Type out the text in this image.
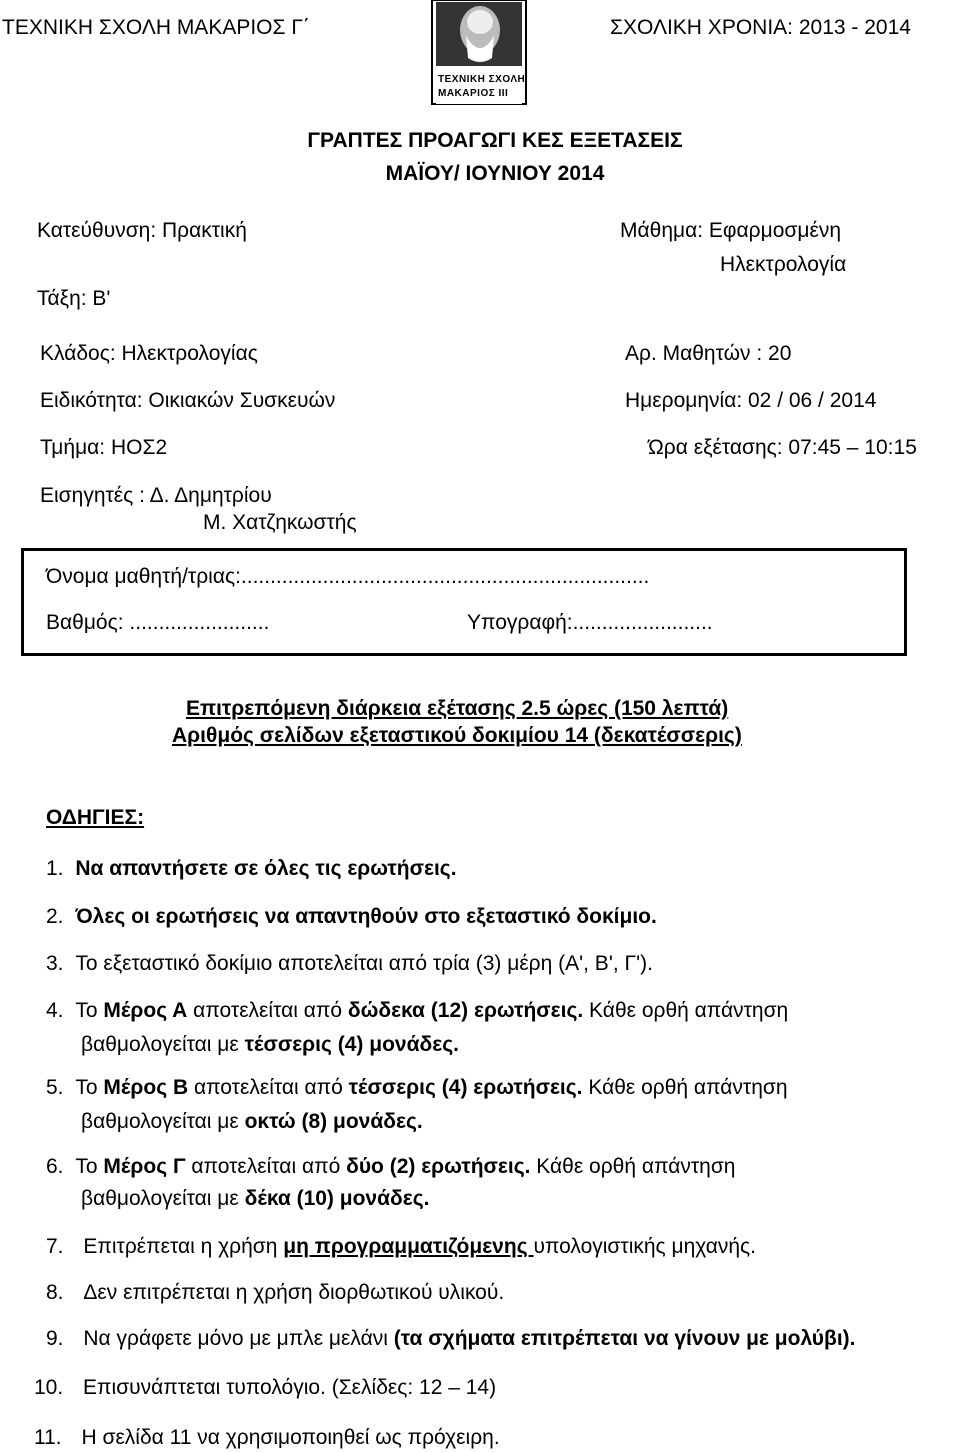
ΤΕΧΝΙΚΗ ΣΧΟΛΗ ΜΑΚΑΡΙΟΣ Γ΄	ΣΧΟΛΙΚΗ ΧΡΟΝΙΑ: 2013 - 2014
ΤΕΧΝΙΚΗ ΣΧΟΛΗ
ΜΑΚΑΡΙΟΣ ΙΙΙ
ΓΡΑΠΤΕΣ ΠΡΟΑΓΩΓΙ ΚΕΣ ΕΞΕΤΑΣΕΙΣ
ΜΑΪΟΥ/ ΙΟΥΝΙΟΥ 2014
Κατεύθυνση: Πρακτική	Μάθημα: Εφαρμοσμένη
Ηλεκτρολογία
Τάξη: Β'
Κλάδος: Ηλεκτρολογίας	Αρ. Μαθητών : 20
Ειδικότητα: Οικιακών Συσκευών	Ημερομηνία: 02 / 06 / 2014
Τμήμα: ΗΟΣ2	Ώρα εξέτασης: 07:45 – 10:15
Εισηγητές : Δ. Δημητρίου
Μ. Χατζηκωστής
Όνομα μαθητή/τριας:......................................................................
Βαθμός: ........................	Υπογραφή:........................
Επιτρεπόμενη διάρκεια εξέτασης 2.5 ώρες (150 λεπτά)
Αριθμός σελίδων εξεταστικού δοκιμίου 14 (δεκατέσσερις)
ΟΔΗΓΙΕΣ:
1. Να απαντήσετε σε όλες τις ερωτήσεις.
2. Όλες οι ερωτήσεις να απαντηθούν στο εξεταστικό δοκίμιο.
3. Το εξεταστικό δοκίμιο αποτελείται από τρία (3) μέρη (Α', Β', Γ').
4. Το Μέρος Α αποτελείται από δώδεκα (12) ερωτήσεις. Κάθε ορθή απάντηση
βαθμολογείται με τέσσερις (4) μονάδες.
5. Το Μέρος Β αποτελείται από τέσσερις (4) ερωτήσεις. Κάθε ορθή απάντηση
βαθμολογείται με οκτώ (8) μονάδες.
6. Το Μέρος Γ αποτελείται από δύο (2) ερωτήσεις. Κάθε ορθή απάντηση
βαθμολογείται με δέκα (10) μονάδες.
7. Επιτρέπεται η χρήση μη προγραμματιζόμενης υπολογιστικής μηχανής.
8. Δεν επιτρέπεται η χρήση διορθωτικού υλικού.
9. Να γράφετε μόνο με μπλε μελάνι (τα σχήματα επιτρέπεται να γίνουν με μολύβι).
10. Επισυνάπτεται τυπολόγιο. (Σελίδες: 12 – 14)
11. Η σελίδα 11 να χρησιμοποιηθεί ως πρόχειρη.
